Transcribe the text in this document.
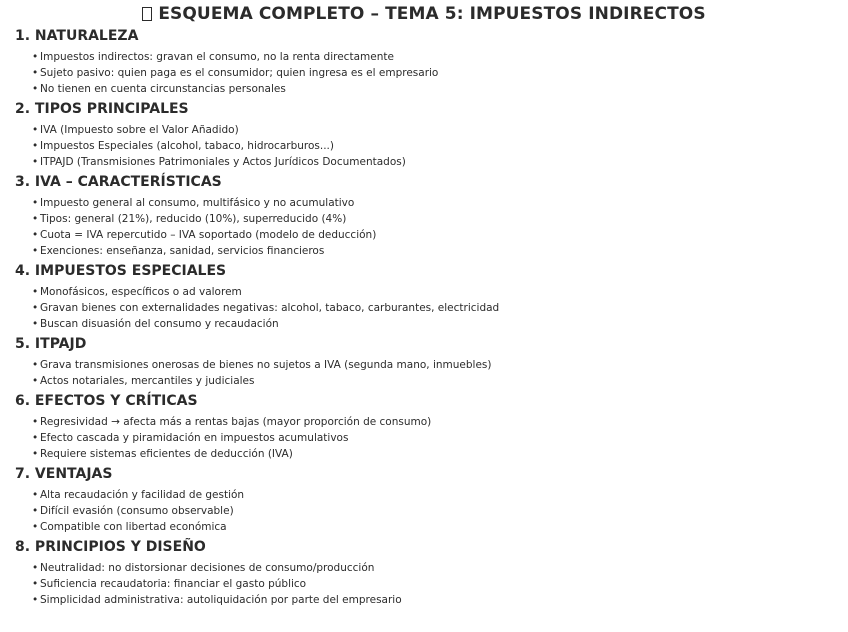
ESQUEMA COMPLETO – TEMA 5: IMPUESTOS INDIRECTOS
1. NATURALEZA
• Impuestos indirectos: gravan el consumo, no la renta directamente
• Sujeto pasivo: quien paga es el consumidor; quien ingresa es el empresario
• No tienen en cuenta circunstancias personales
2. TIPOS PRINCIPALES
• IVA (Impuesto sobre el Valor Añadido)
• Impuestos Especiales (alcohol, tabaco, hidrocarburos...)
• ITPAJD (Transmisiones Patrimoniales y Actos Jurídicos Documentados)
3. IVA – CARACTERÍSTICAS
• Impuesto general al consumo, multifásico y no acumulativo
• Tipos: general (21%), reducido (10%), superreducido (4%)
• Cuota = IVA repercutido – IVA soportado (modelo de deducción)
• Exenciones: enseñanza, sanidad, servicios financieros
4. IMPUESTOS ESPECIALES
• Monofásicos, específicos o ad valorem
• Gravan bienes con externalidades negativas: alcohol, tabaco, carburantes, electricidad
• Buscan disuasión del consumo y recaudación
5. ITPAJD
• Grava transmisiones onerosas de bienes no sujetos a IVA (segunda mano, inmuebles)
• Actos notariales, mercantiles y judiciales
6. EFECTOS Y CRÍTICAS
• Regresividad → afecta más a rentas bajas (mayor proporción de consumo)
• Efecto cascada y piramidación en impuestos acumulativos
• Requiere sistemas eficientes de deducción (IVA)
7. VENTAJAS
• Alta recaudación y facilidad de gestión
• Difícil evasión (consumo observable)
• Compatible con libertad económica
8. PRINCIPIOS Y DISEÑO
• Neutralidad: no distorsionar decisiones de consumo/producción
• Suficiencia recaudatoria: financiar el gasto público
• Simplicidad administrativa: autoliquidación por parte del empresario
